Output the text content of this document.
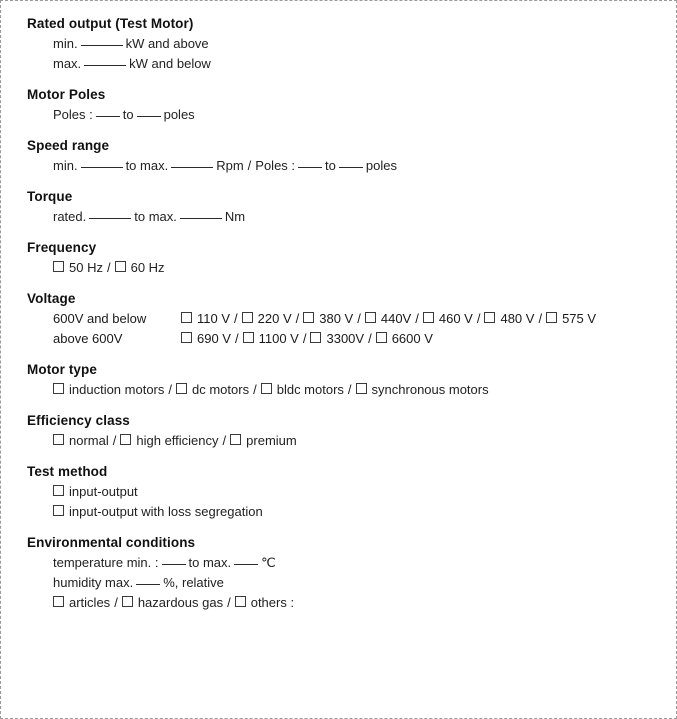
Rated output (Test Motor)
min.	kW and above
max.	kW and below
Motor Poles
Poles : to poles
Speed range
min.	to max.	Rpm / Poles : to poles
Torque
rated.	to max.	Nm
Frequency
50 Hz / 60 Hz
Voltage
600V and below	110 V / 220 V / 380 V / 440V / 460 V / 480 V / 575 V
above 600V	690 V / 1100 V / 3300V / 6600 V
Motor type
induction motors / dc motors / bldc motors / synchronous motors
Efficiency class
normal / high efficiency / premium
Test method
input-output
input-output with loss segregation
Environmental conditions
temperature min. : to max. ℃
humidity max. %, relative
articles / hazardous gas / others :
